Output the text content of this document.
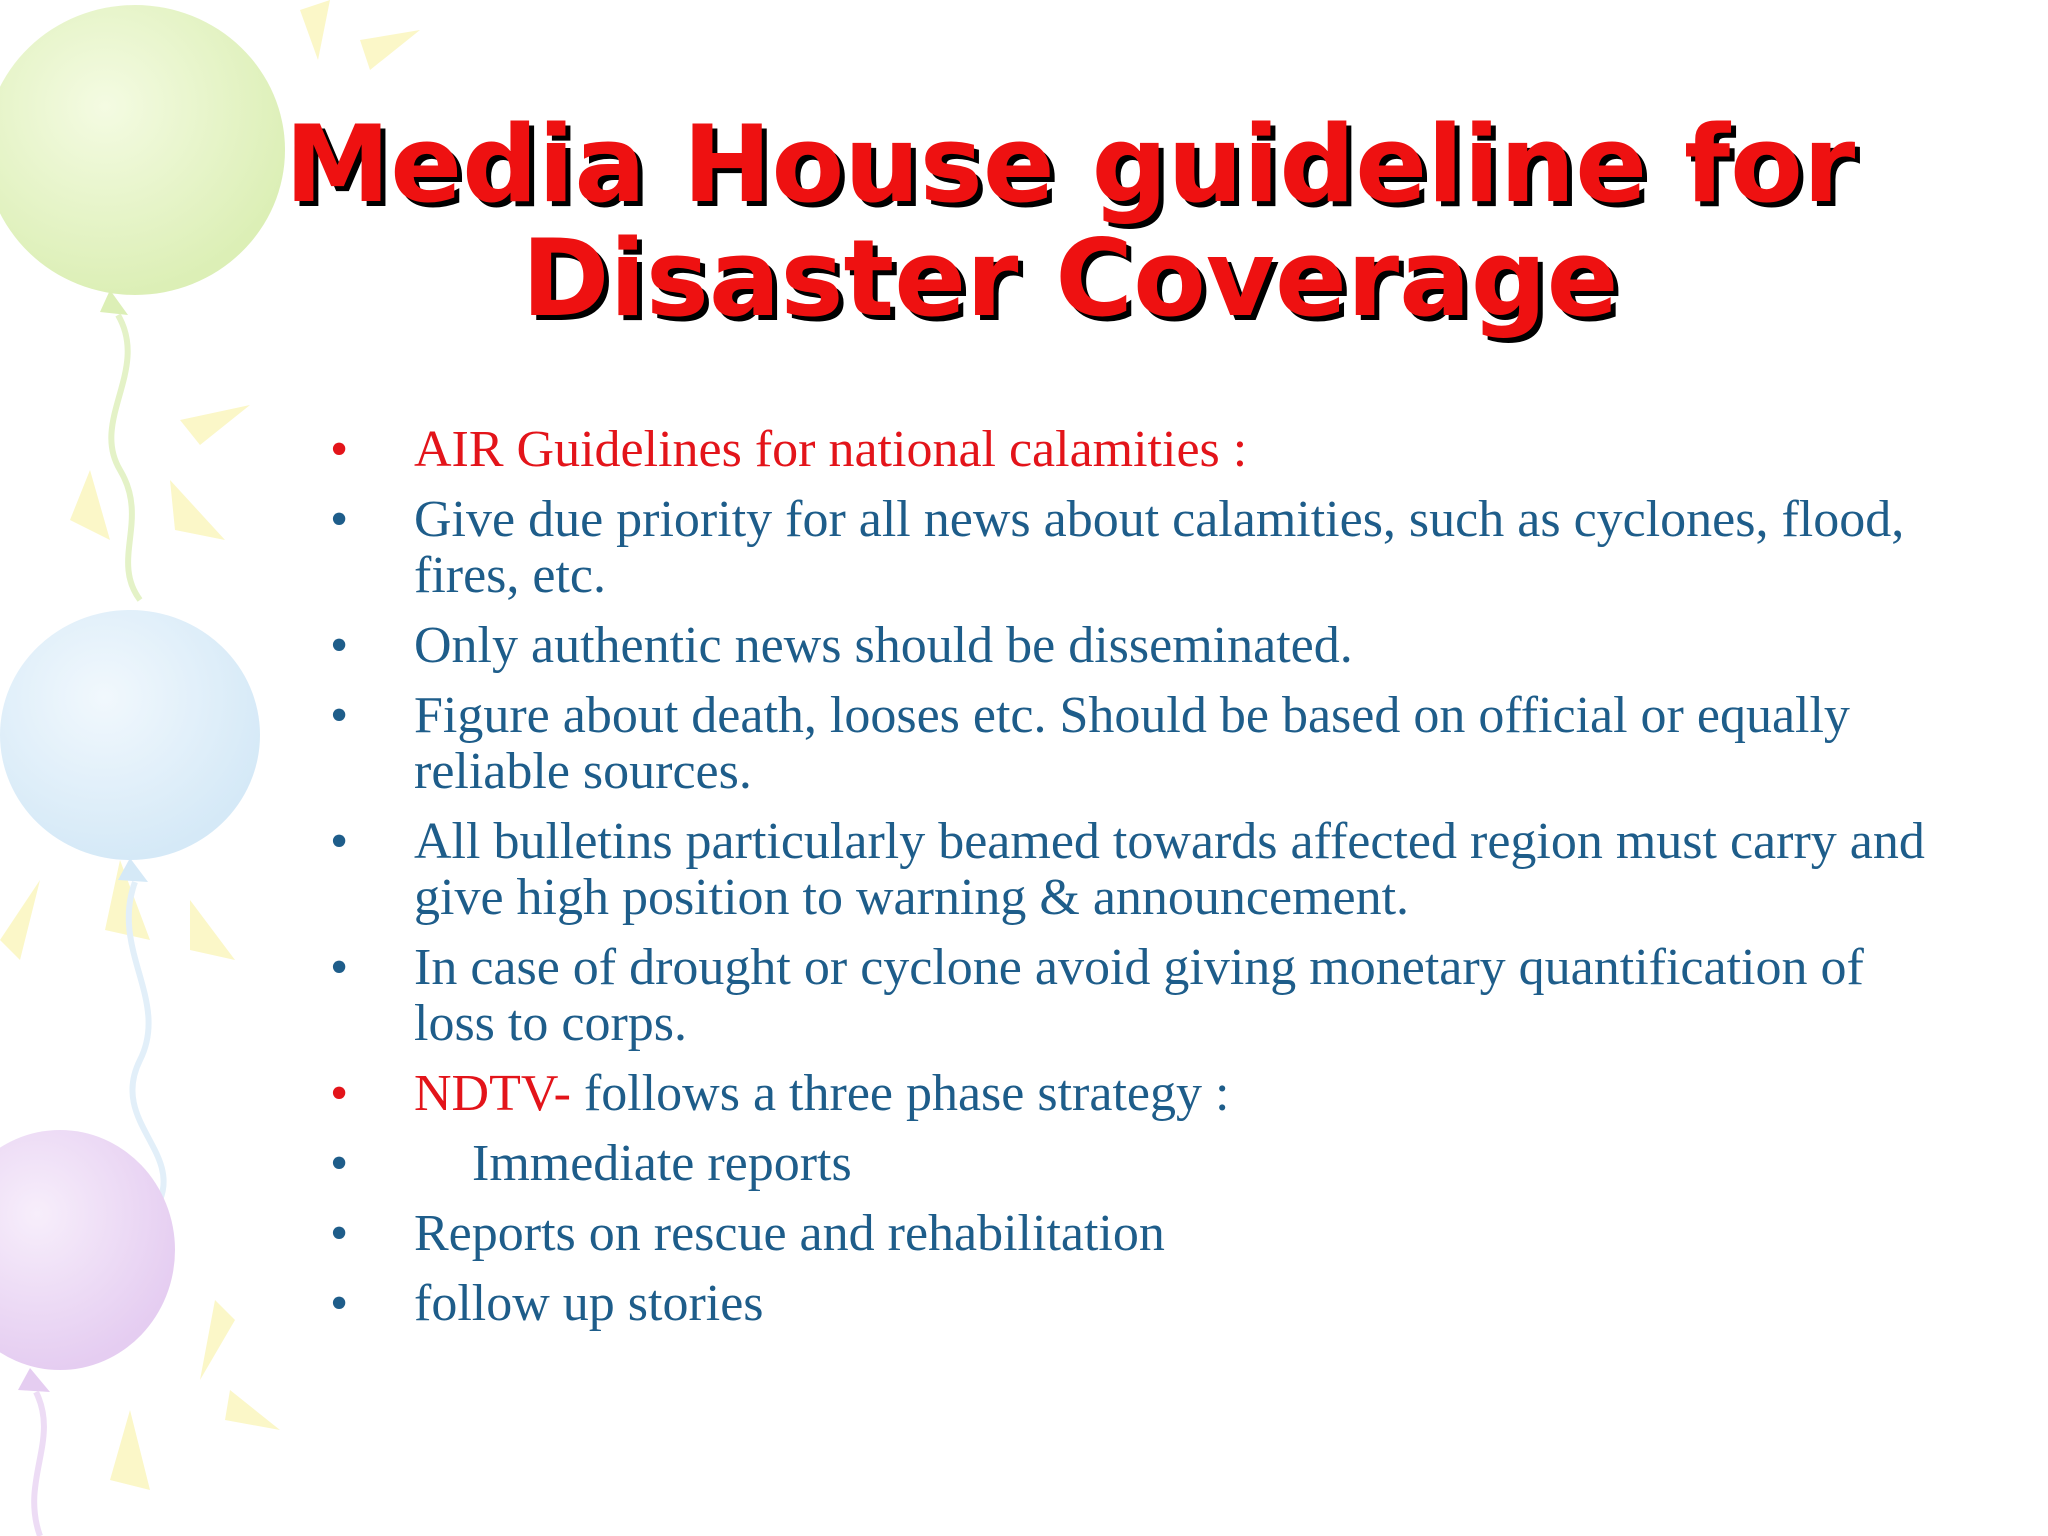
Media House guideline for
Disaster Coverage
• AIR Guidelines for national calamities :
• Give due priority for all news about calamities, such as cyclones, flood, fires, etc.
• Only authentic news should be disseminated.
• Figure about death, looses etc. Should be based on official or equally reliable sources.
• All bulletins particularly beamed towards affected region must carry and give high position to warning & announcement.
• In case of drought or cyclone avoid giving monetary quantification of loss to corps.
• NDTV- follows a three phase strategy :
• Immediate reports
• Reports on rescue and rehabilitation
• follow up stories
